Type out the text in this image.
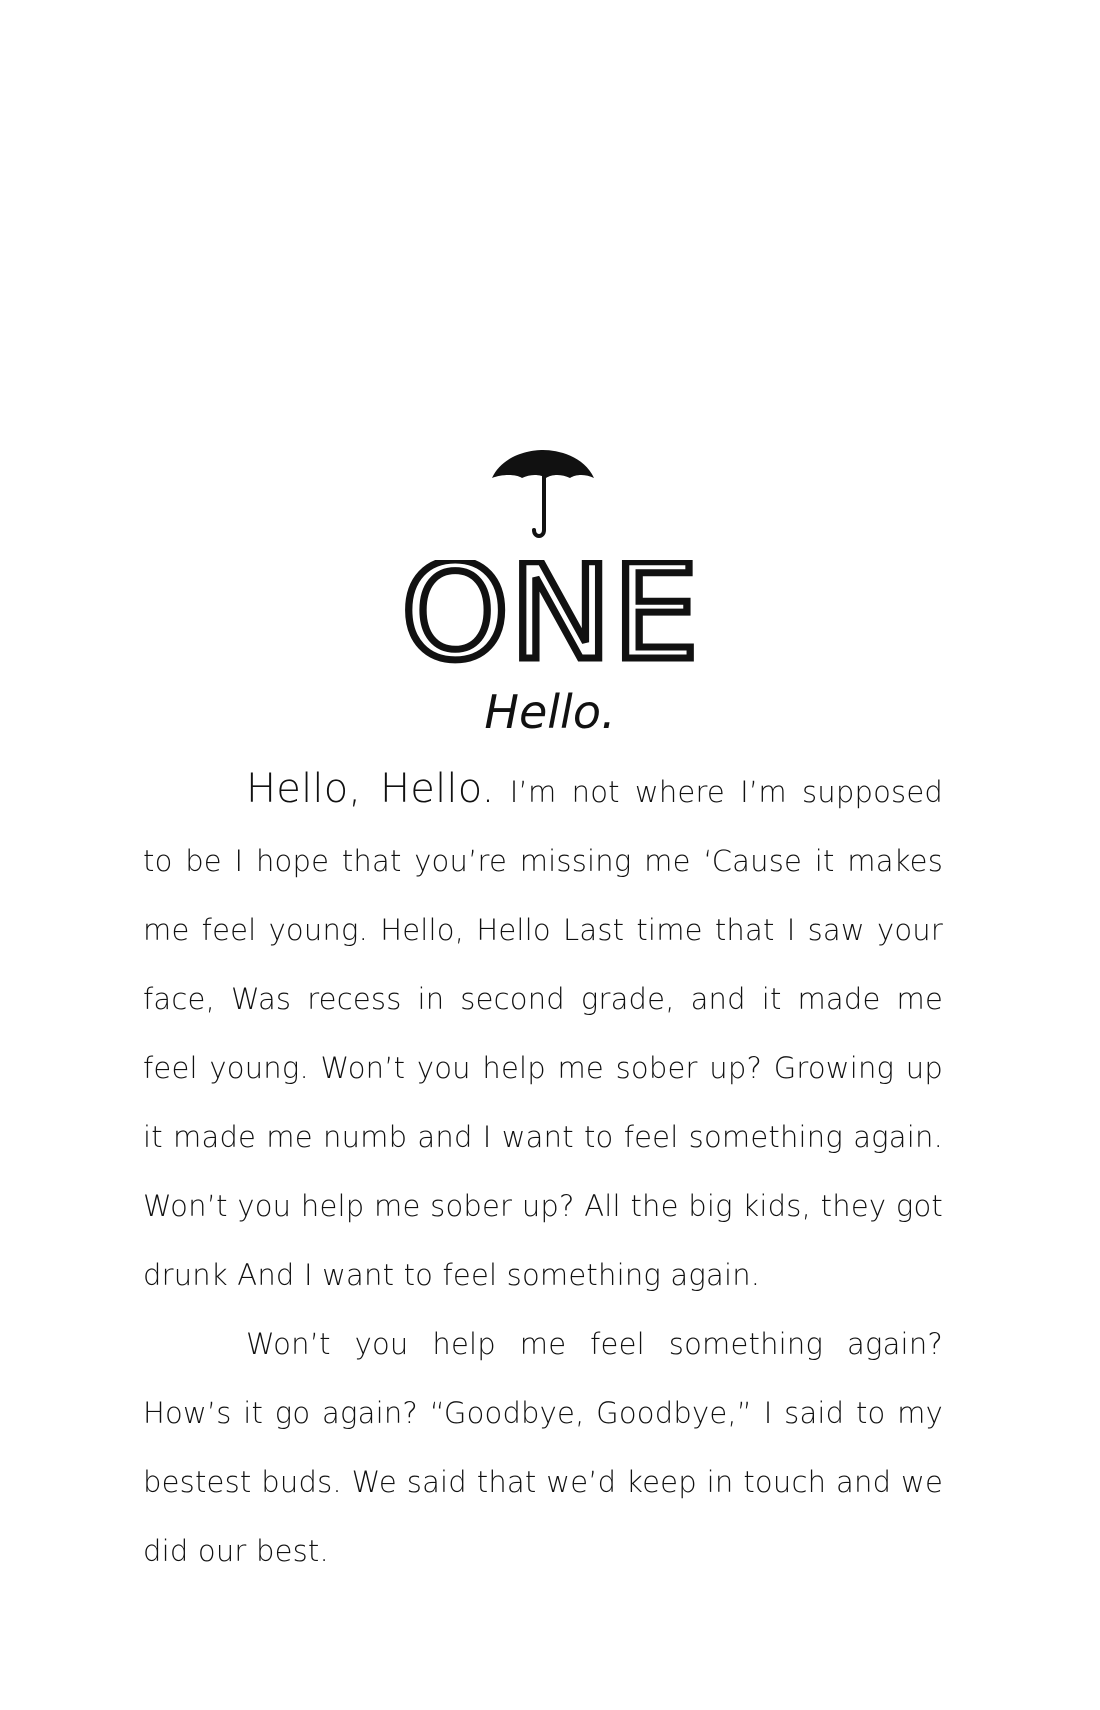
ONE
Hello.

Hello, Hello. I’m not where I’m supposed to be I hope that you’re missing me ‘Cause it makes me feel young. Hello, Hello Last time that I saw your face, Was recess in second grade, and it made me feel young. Won’t you help me sober up? Growing up it made me numb and I want to feel something again. Won’t you help me sober up? All the big kids, they got drunk And I want to feel something again.

Won’t you help me feel something again? How’s it go again? “Goodbye, Goodbye,” I said to my bestest buds. We said that we’d keep in touch and we did our best.
